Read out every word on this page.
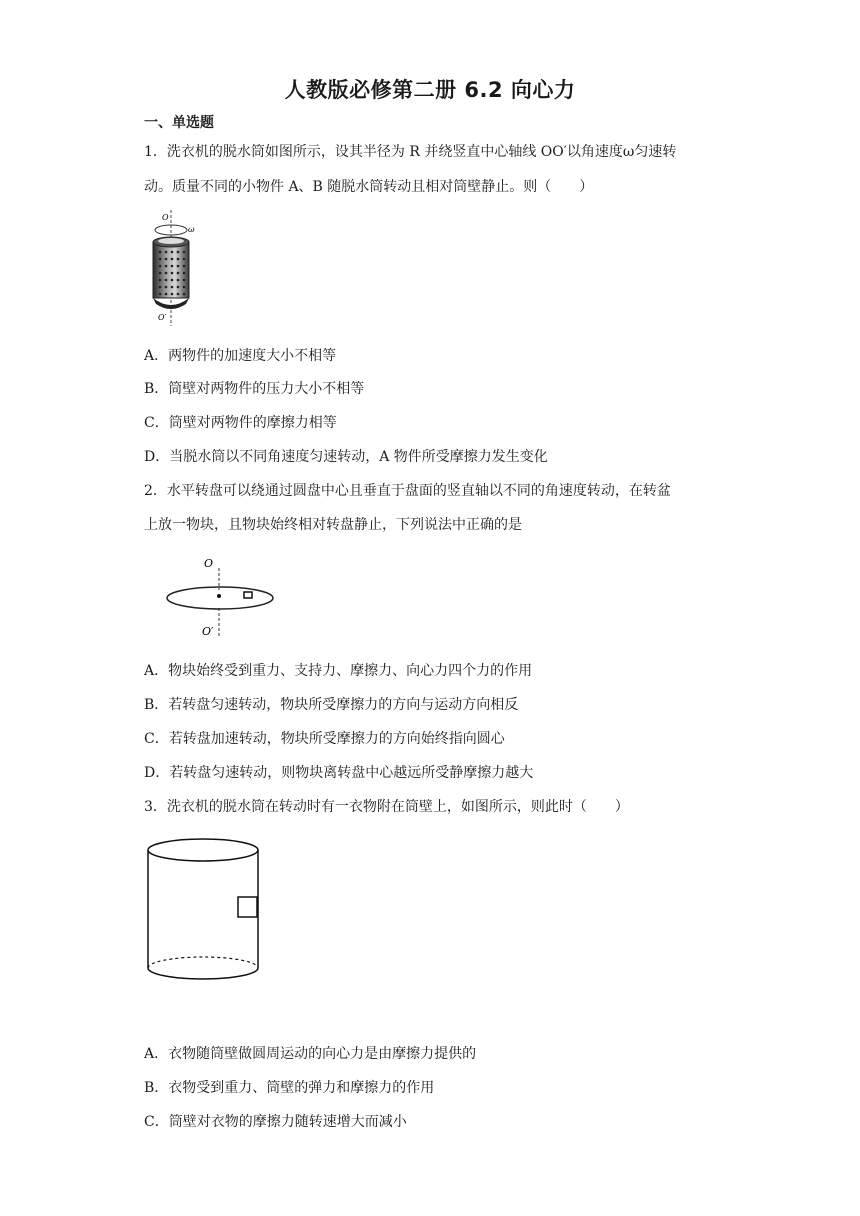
人教版必修第二册 6.2 向心力
一、单选题
1．洗衣机的脱水筒如图所示，设其半径为 R 并绕竖直中心轴线 OO′以角速度ω匀速转
动。质量不同的小物件 A、B 随脱水筒转动且相对筒壁静止。则（　　）
O
ω
O′
A．两物件的加速度大小不相等
B．筒壁对两物件的压力大小不相等
C．筒壁对两物件的摩擦力相等
D．当脱水筒以不同角速度匀速转动，A 物件所受摩擦力发生变化
2．水平转盘可以绕通过圆盘中心且垂直于盘面的竖直轴以不同的角速度转动，在转盆
上放一物块，且物块始终相对转盘静止，下列说法中正确的是
O
O′
A．物块始终受到重力、支持力、摩擦力、向心力四个力的作用
B．若转盘匀速转动，物块所受摩擦力的方向与运动方向相反
C．若转盘加速转动，物块所受摩擦力的方向始终指向圆心
D．若转盘匀速转动，则物块离转盘中心越远所受静摩擦力越大
3．洗衣机的脱水筒在转动时有一衣物附在筒壁上，如图所示，则此时（　　）
A．衣物随筒壁做圆周运动的向心力是由摩擦力提供的
B．衣物受到重力、筒壁的弹力和摩擦力的作用
C．筒壁对衣物的摩擦力随转速增大而减小
